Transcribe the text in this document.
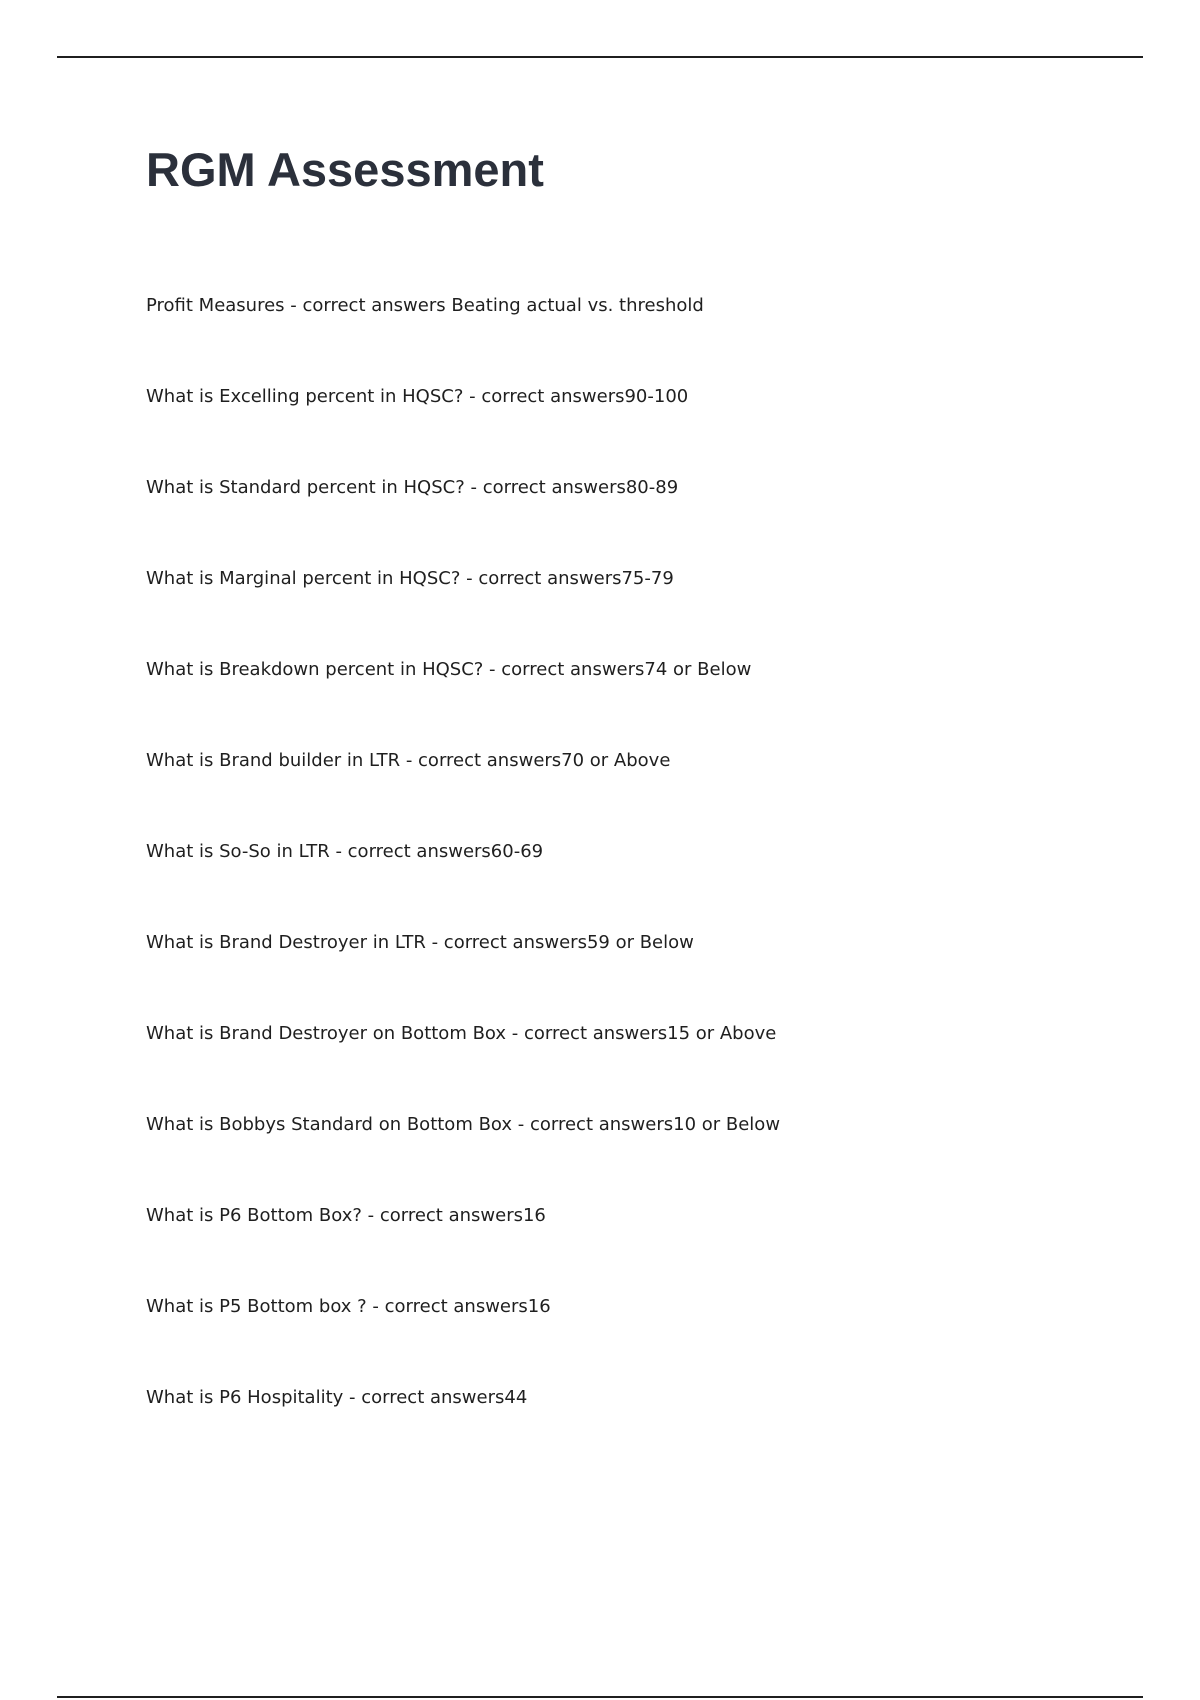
RGM Assessment
Profit Measures - correct answers Beating actual vs. threshold
What is Excelling percent in HQSC? - correct answers90-100
What is Standard percent in HQSC? - correct answers80-89
What is Marginal percent in HQSC? - correct answers75-79
What is Breakdown percent in HQSC? - correct answers74 or Below
What is Brand builder in LTR - correct answers70 or Above
What is So-So in LTR - correct answers60-69
What is Brand Destroyer in LTR - correct answers59 or Below
What is Brand Destroyer on Bottom Box - correct answers15 or Above
What is Bobbys Standard on Bottom Box - correct answers10 or Below
What is P6 Bottom Box? - correct answers16
What is P5 Bottom box ? - correct answers16
What is P6 Hospitality - correct answers44
